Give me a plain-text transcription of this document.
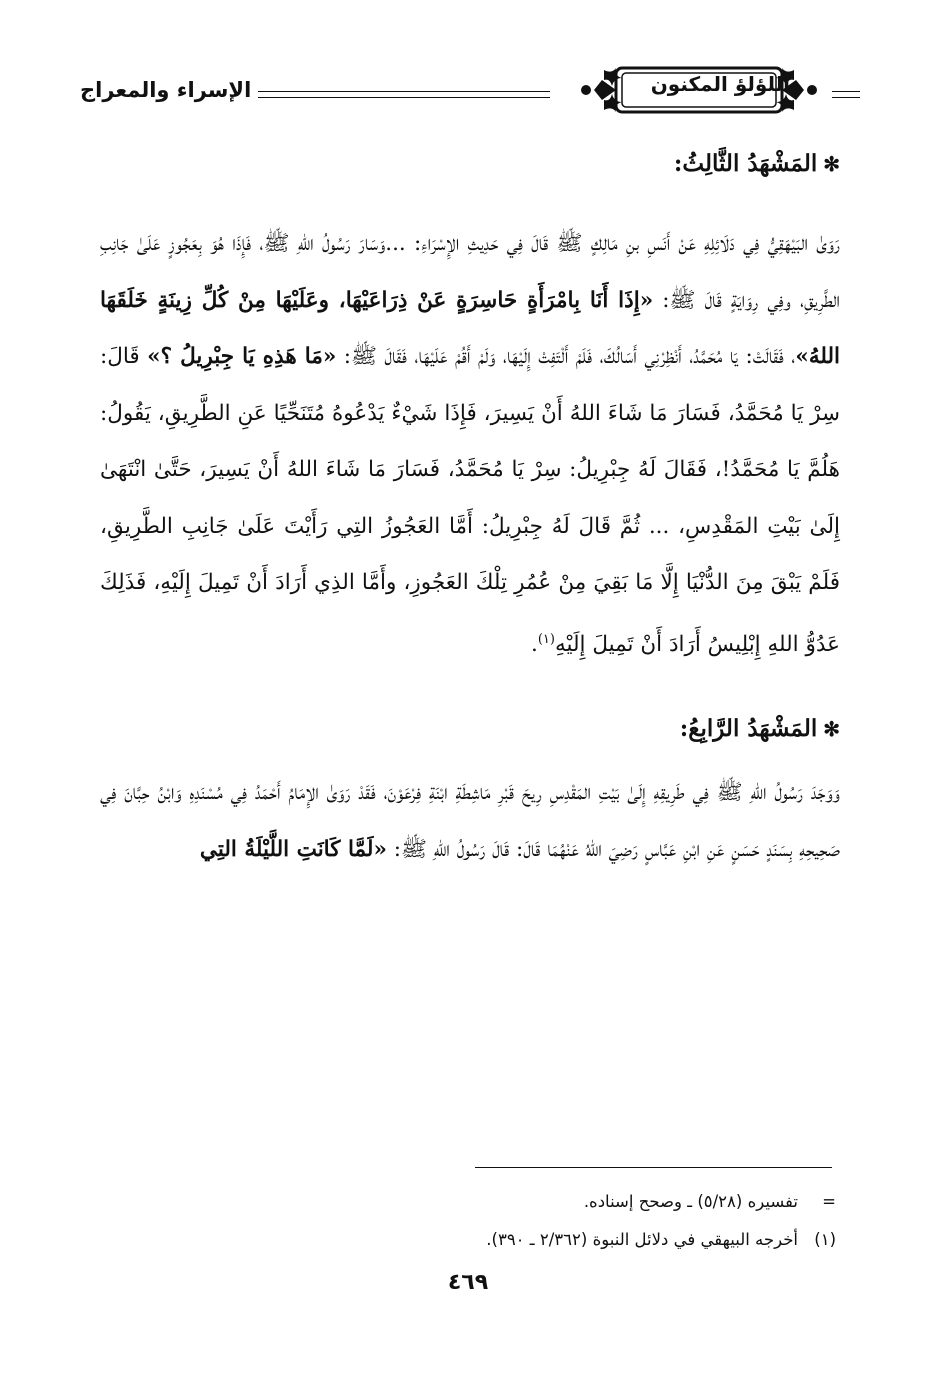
اللؤلؤ المكنون
الإسراء والمعراج

✻المَشْهَدُ الثَّالِثُ:

رَوَىٰ البَيْهَقِيُّ فِي دَلَائِلِهِ عَنْ أَنَسِ بنِ مَالِكٍ ﷺ قَالَ فِي حَدِيثِ الإِسْرَاءِ: ...وَسَارَ رَسُولُ اللهِ ﷺ، فَإِذَا هُوَ بِعَجُوزٍ عَلَىٰ جَانِبِ الطَّرِيقِ، وفِي رِوَايَةٍ قَالَ ﷺ: «إِذَا أَنَا بِامْرَأَةٍ حَاسِرَةٍ عَنْ ذِرَاعَيْهَا، وعَلَيْهَا مِنْ كُلِّ زِينَةٍ خَلَقَهَا اللهُ»، فَقَالَتْ: يَا مُحَمَّدُ، أَنْظِرْنِي أَسَالُكَ، فَلَمْ أَلْتَفِتْ إِلَيْهَا، وَلَمْ أَقُمْ عَلَيْهَا، فَقَالَ ﷺ: «مَا هَذِهِ يَا جِبْرِيلُ ؟» قَالَ: سِرْ يَا مُحَمَّدُ، فَسَارَ مَا شَاءَ اللهُ أَنْ يَسِيرَ، فَإِذَا شَيْءٌ يَدْعُوهُ مُتَنَحِّيًا عَنِ الطَّرِيقِ، يَقُولُ: هَلُمَّ يَا مُحَمَّدُ!، فَقَالَ لَهُ جِبْرِيلُ: سِرْ يَا مُحَمَّدُ، فَسَارَ مَا شَاءَ اللهُ أَنْ يَسِيرَ، حَتَّىٰ انْتَهَىٰ إِلَىٰ بَيْتِ المَقْدِسِ، ... ثُمَّ قَالَ لَهُ جِبْرِيلُ: أَمَّا العَجُوزُ التِي رَأَيْتَ عَلَىٰ جَانِبِ الطَّرِيقِ، فَلَمْ يَبْقَ مِنَ الدُّنْيَا إِلَّا مَا بَقِيَ مِنْ عُمُرِ تِلْكَ العَجُوزِ، وأَمَّا الذِي أَرَادَ أَنْ تَمِيلَ إِلَيْهِ، فَذَلِكَ عَدُوُّ اللهِ إِبْلِيسُ أَرَادَ أَنْ تَمِيلَ إِلَيْهِ$^{(١)}$.

✻المَشْهَدُ الرَّابِعُ:

وَوَجَدَ رَسُولُ اللهِ ﷺ فِي طَرِيقِهِ إِلَىٰ بَيْتِ المَقْدِسِ رِيحَ قَبْرِ مَاشِطَةِ ابْنَةِ فِرْعَوْنَ، فَقَدْ رَوَىٰ الإِمَامُ أَحْمَدُ فِي مُسْنَدِهِ وَابْنُ حِبَّانَ فِي صَحِيحِهِ بِسَنَدٍ حَسَنٍ عَنِ ابْنِ عَبَّاسٍ رَضِيَ اللهُ عَنْهُمَا قَالَ: قَالَ رَسُولُ اللهِ ﷺ: «لَمَّا كَانَتِ اللَّيْلَةُ التِي

=تفسيره (٥/٢٨) ـ وصحح إسناده.
(١)أخرجه البيهقي في دلائل النبوة (٢/٣٦٢ ـ ٣٩٠).
٤٦٩
